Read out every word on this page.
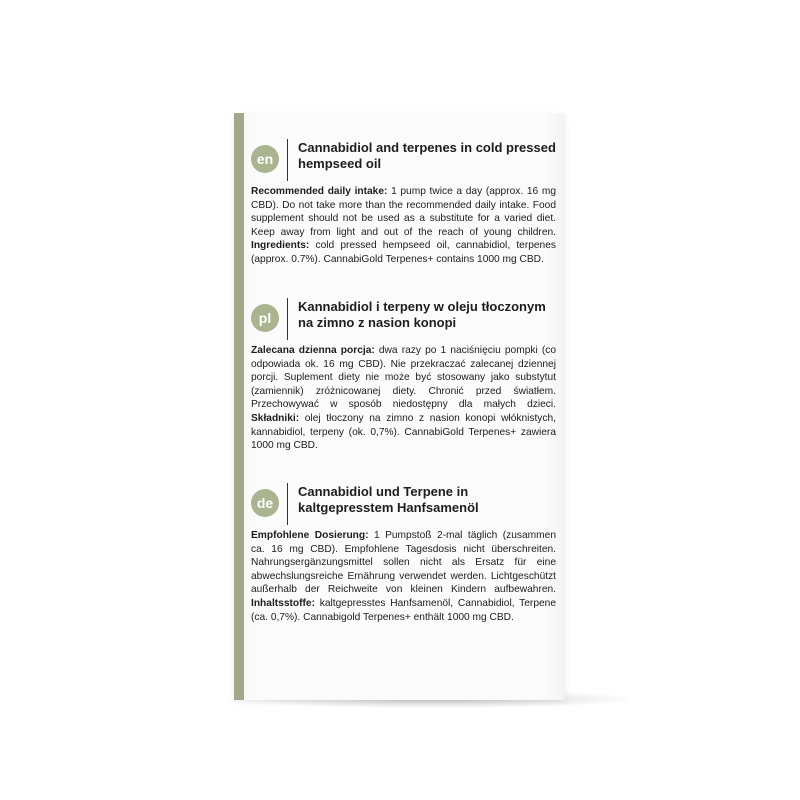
en
Cannabidiol and terpenes in cold pressed hempseed oil
Recommended daily intake: 1 pump twice a day (approx. 16 mg CBD). Do not take more than the recommended daily intake. Food supplement should not be used as a substitute for a varied diet. Keep away from light and out of the reach of young children. Ingredients: cold pressed hempseed oil, cannabidiol, terpenes (approx. 0.7%). CannabiGold Terpenes+ contains 1000 mg CBD.
pl
Kannabidiol i terpeny w oleju tłoczonym na zimno z nasion konopi
Zalecana dzienna porcja: dwa razy po 1 naciśnięciu pompki (co odpowiada ok. 16 mg CBD). Nie przekraczać zalecanej dziennej porcji. Suplement diety nie może być stosowany jako substytut (zamiennik) zróżnicowanej diety. Chronić przed światłem. Przechowywać w sposób niedostępny dla małych dzieci. Składniki: olej tłoczony na zimno z nasion konopi włóknistych, kannabidiol, terpeny (ok. 0,7%). CannabiGold Terpenes+ zawiera 1000 mg CBD.
de
Cannabidiol und Terpene in kaltgepresstem Hanfsamenöl
Empfohlene Dosierung: 1 Pumpstoß 2-mal täglich (zusammen ca. 16 mg CBD). Empfohlene Tagesdosis nicht überschreiten. Nahrungsergänzungsmittel sollen nicht als Ersatz für eine abwechslungsreiche Ernährung verwendet werden. Lichtgeschützt außerhalb der Reichweite von kleinen Kindern aufbewahren. Inhaltsstoffe: kaltgepresstes Hanfsamenöl, Cannabidiol, Terpene (ca. 0,7%). Cannabigold Terpenes+ enthält 1000 mg CBD.
